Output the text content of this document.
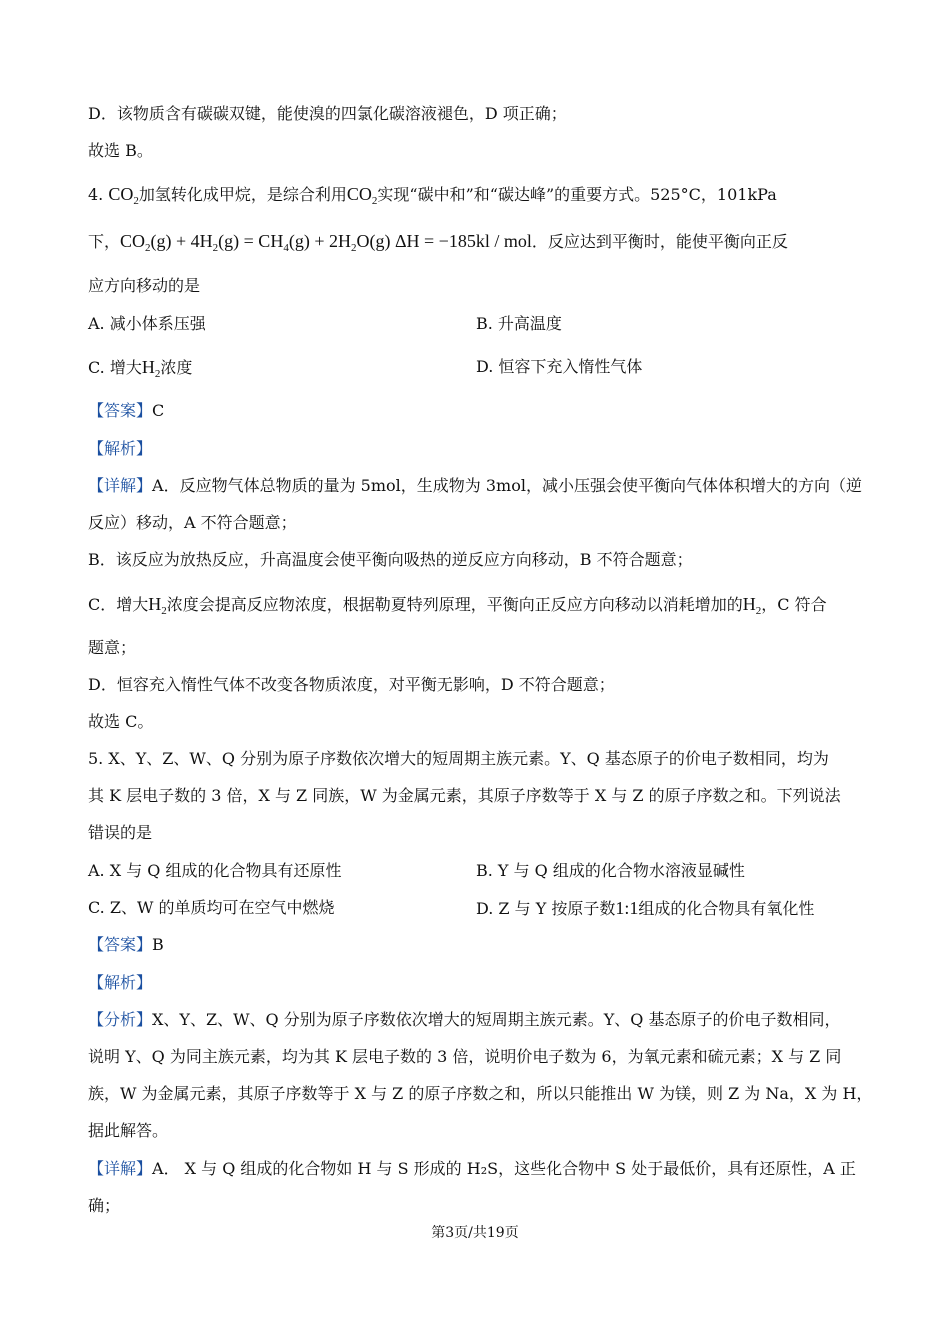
D．该物质含有碳碳双键，能使溴的四氯化碳溶液褪色，D 项正确；
故选 B。
4. $CO_2$加氢转化成甲烷，是综合利用$CO_2$实现“碳中和”和“碳达峰”的重要方式。525°C，101kPa
下，$CO_2(g) + 4H_2(g) = CH_4(g) + 2H_2O(g) \Delta H = -185kl$ / mol．反应达到平衡时，能使平衡向正反
应方向移动的是
A. 减小体系压强	B. 升高温度
C. 增大$H_2$浓度	D. 恒容下充入惰性气体
【答案】C
【解析】
【详解】A．反应物气体总物质的量为 5mol，生成物为 3mol，减小压强会使平衡向气体体积增大的方向（逆
反应）移动，A 不符合题意；
B．该反应为放热反应，升高温度会使平衡向吸热的逆反应方向移动，B 不符合题意；
C．增大$H_2$浓度会提高反应物浓度，根据勒夏特列原理，平衡向正反应方向移动以消耗增加的$H_2$，C 符合
题意；
D．恒容充入惰性气体不改变各物质浓度，对平衡无影响，D 不符合题意；
故选 C。
5. X、Y、Z、W、Q 分别为原子序数依次增大的短周期主族元素。Y、Q 基态原子的价电子数相同，均为
其 K 层电子数的 3 倍，X 与 Z 同族，W 为金属元素，其原子序数等于 X 与 Z 的原子序数之和。下列说法
错误的是
A. X 与 Q 组成的化合物具有还原性	B. Y 与 Q 组成的化合物水溶液显碱性
C. Z、W 的单质均可在空气中燃烧	D. Z 与 Y 按原子数1:1组成的化合物具有氧化性
【答案】B
【解析】
【分析】X、Y、Z、W、Q 分别为原子序数依次增大的短周期主族元素。Y、Q 基态原子的价电子数相同，
说明 Y、Q 为同主族元素，均为其 K 层电子数的 3 倍，说明价电子数为 6，为氧元素和硫元素；X 与 Z 同
族，W 为金属元素，其原子序数等于 X 与 Z 的原子序数之和，所以只能推出 W 为镁，则 Z 为 Na，X 为 H，
据此解答。
【详解】A． X 与 Q 组成的化合物如 H 与 S 形成的 H₂S，这些化合物中 S 处于最低价，具有还原性，A 正
确；
第3页/共19页
